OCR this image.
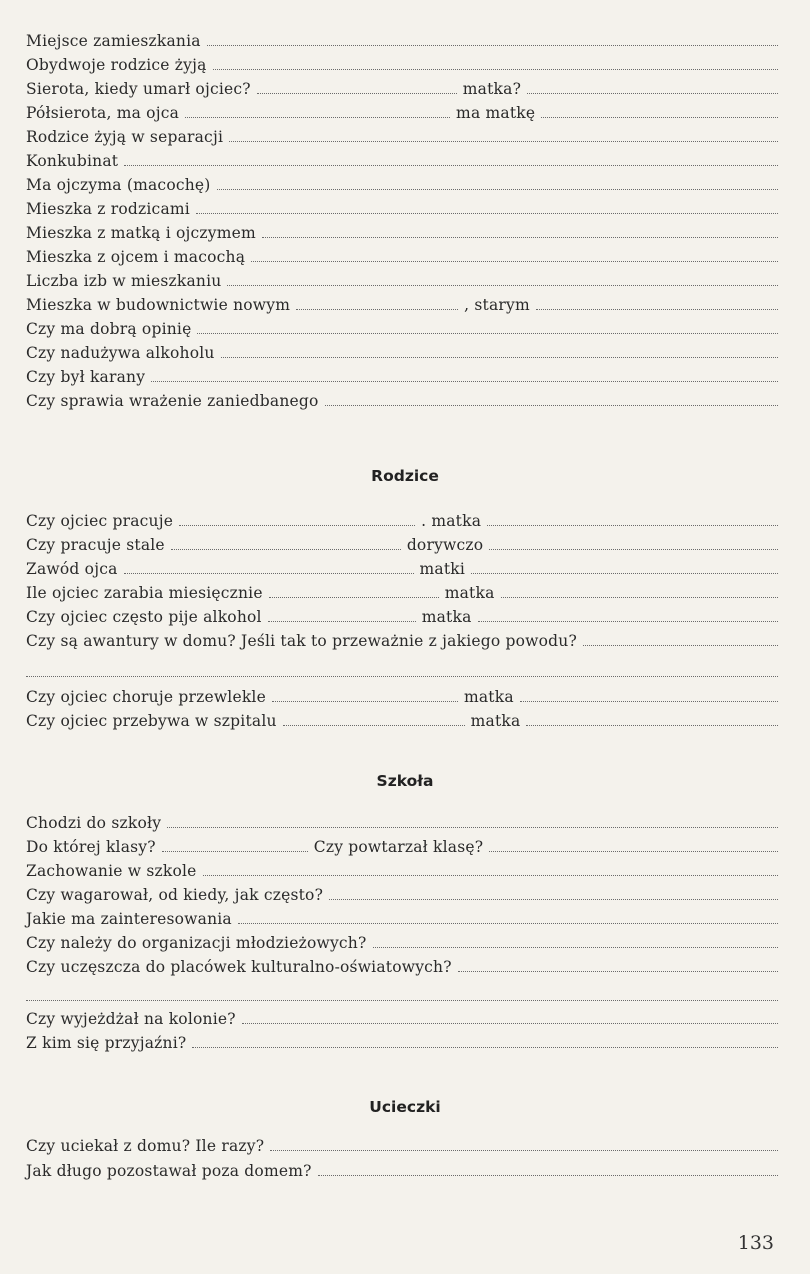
Miejsce zamieszkania
Obydwoje rodzice żyją
Sierota, kiedy umarł ojciec?	matka?
Półsierota, ma ojca	ma matkę
Rodzice żyją w separacji
Konkubinat
Ma ojczyma (macochę)
Mieszka z rodzicami
Mieszka z matką i ojczymem
Mieszka z ojcem i macochą
Liczba izb w mieszkaniu
Mieszka w budownictwie nowym	, starym
Czy ma dobrą opinię
Czy nadużywa alkoholu
Czy był karany
Czy sprawia wrażenie zaniedbanego
Rodzice
Czy ojciec pracuje	. matka
Czy pracuje stale	dorywczo
Zawód ojca	matki
Ile ojciec zarabia miesięcznie	matka
Czy ojciec często pije alkohol	matka
Czy są awantury w domu? Jeśli tak to przeważnie z jakiego powodu?
Czy ojciec choruje przewlekle	matka
Czy ojciec przebywa w szpitalu	matka
Szkoła
Chodzi do szkoły
Do której klasy?	Czy powtarzał klasę?
Zachowanie w szkole
Czy wagarował, od kiedy, jak często?
Jakie ma zainteresowania
Czy należy do organizacji młodzieżowych?
Czy uczęszcza do placówek kulturalno-oświatowych?
Czy wyjeżdżał na kolonie?
Z kim się przyjaźni?
Ucieczki
Czy uciekał z domu? Ile razy?
Jak długo pozostawał poza domem?
133
